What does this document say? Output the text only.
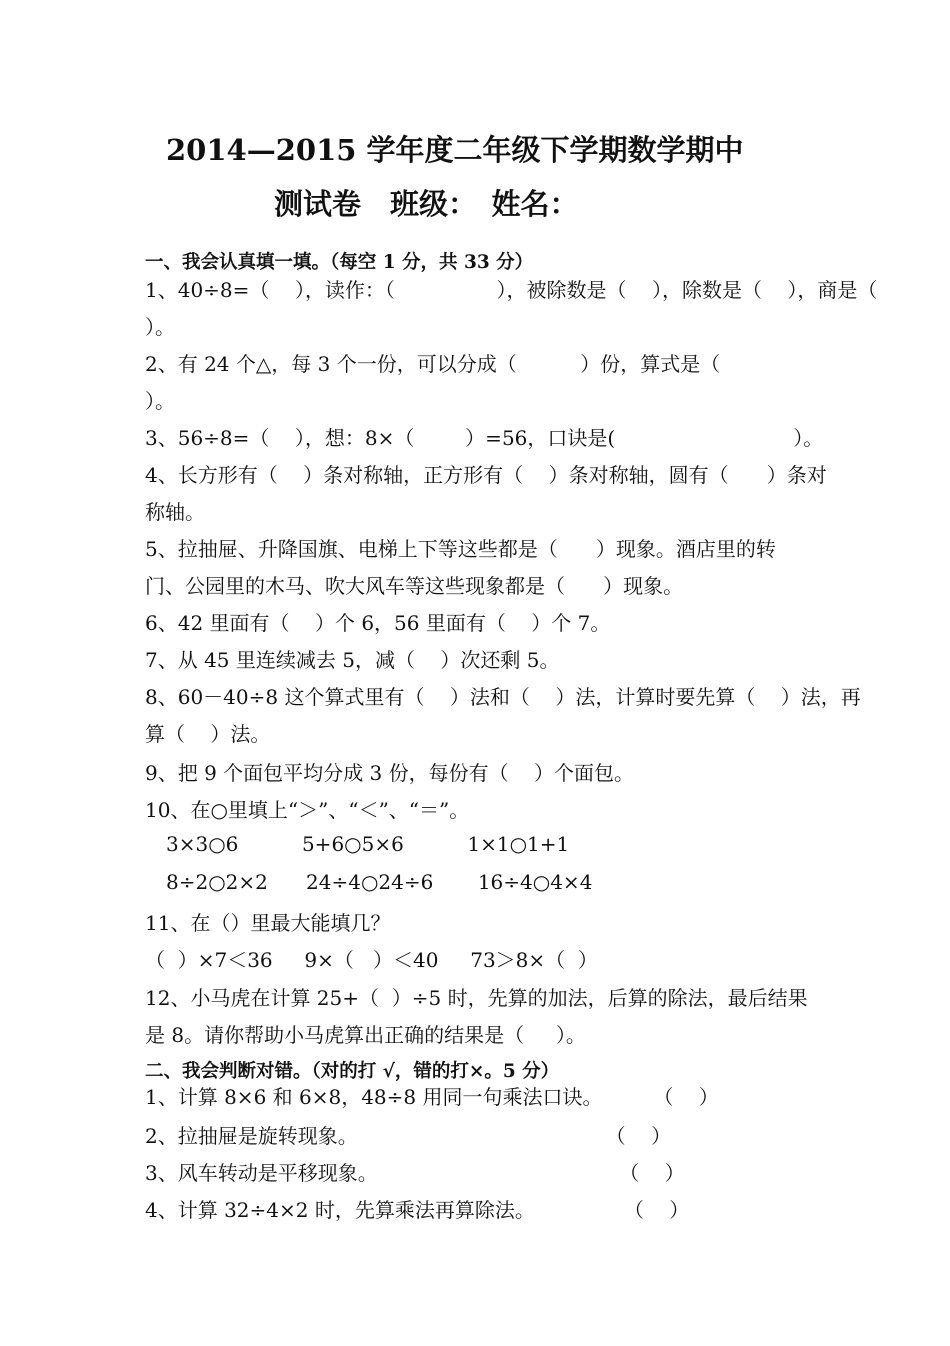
2014—2015 学年度二年级下学期数学期中
测试卷　班级：　姓名：
一、我会认真填一填。（每空 1 分，共 33 分）
1、40÷8=（    ），读作：（                ），被除数是（    ），除数是（    ），商是（
）。
2、有 24 个△，每 3 个一份，可以分成（          ）份，算式是（
）。
3、56÷8=（    ），想：8×（        ）=56，口诀是(                            ）。
4、长方形有（    ）条对称轴，正方形有（    ）条对称轴，圆有（      ）条对
称轴。
5、拉抽屉、升降国旗、电梯上下等这些都是（      ）现象。酒店里的转
门、公园里的木马、吹大风车等这些现象都是（      ）现象。
6、42 里面有（    ）个 6，56 里面有（    ）个 7。
7、从 45 里连续减去 5，减（    ）次还剩 5。
8、60－40÷8 这个算式里有（    ）法和（    ）法，计算时要先算（    ）法，再
算（    ）法。
9、把 9 个面包平均分成 3 份，每份有（    ）个面包。
10、在○里填上“＞”、“＜”、“＝”。
3×3○6          5+6○5×6          1×1○1+1
8÷2○2×2      24÷4○24÷6       16÷4○4×4
11、在（）里最大能填几？
（  ）×7＜36     9×（   ）＜40     73＞8×（  ）
12、小马虎在计算 25+（  ）÷5 时，先算的加法，后算的除法，最后结果
是 8。请你帮助小马虎算出正确的结果是（     ）。
二、我会判断对错。（对的打 √，错的打×。5 分）
1、计算 8×6 和 6×8，48÷8 用同一句乘法口诀。        （    ）
2、拉抽屉是旋转现象。                                       （    ）
3、风车转动是平移现象。                                      （    ）
4、计算 32÷4×2 时，先算乘法再算除法。              （    ）
